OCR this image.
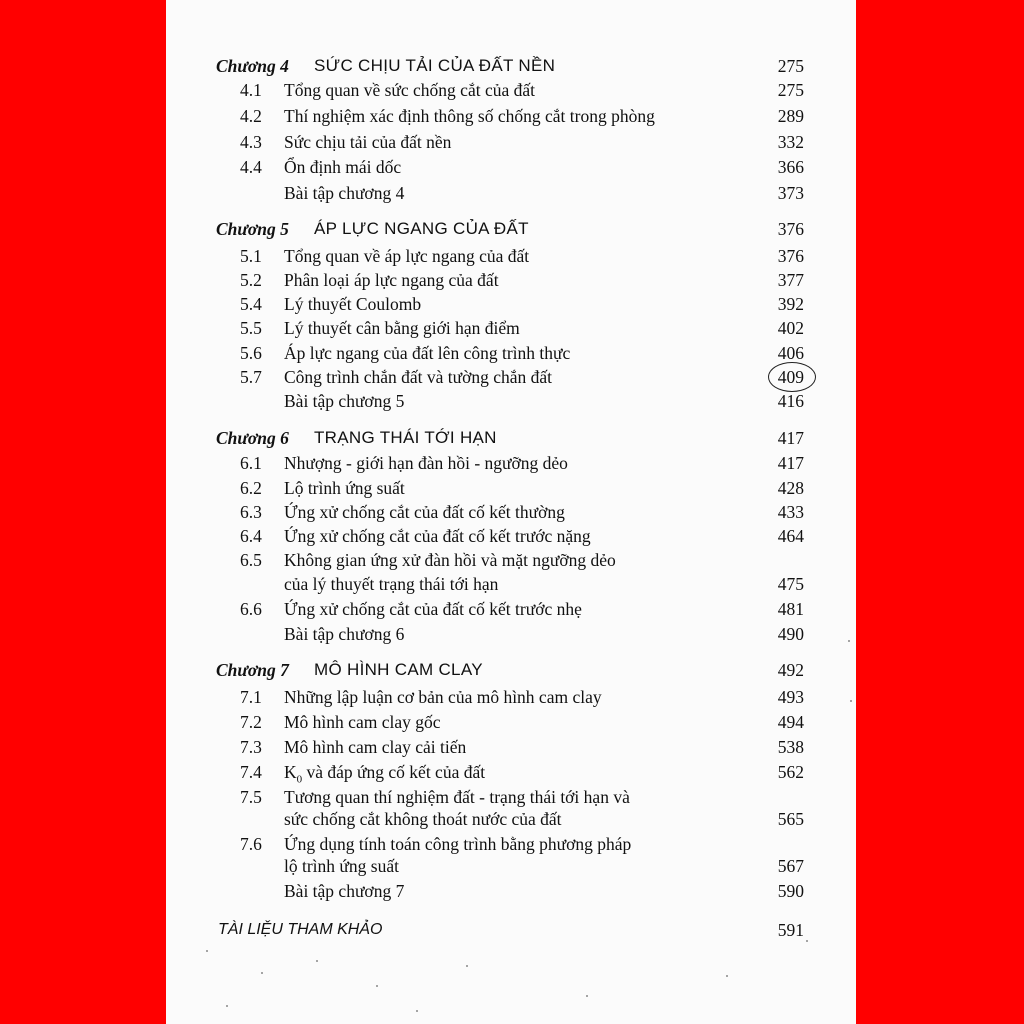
Chương 4 SỨC CHỊU TẢI CỦA ĐẤT NỀN	275
4.1 Tổng quan về sức chống cắt của đất	275
4.2 Thí nghiệm xác định thông số chống cắt trong phòng	289
4.3 Sức chịu tải của đất nền	332
4.4 Ổn định mái dốc	366
Bài tập chương 4	373
Chương 5 ÁP LỰC NGANG CỦA ĐẤT	376
5.1 Tổng quan về áp lực ngang của đất	376
5.2 Phân loại áp lực ngang của đất	377
5.4 Lý thuyết Coulomb	392
5.5 Lý thuyết cân bằng giới hạn điểm	402
5.6 Áp lực ngang của đất lên công trình thực	406
5.7 Công trình chắn đất và tường chắn đất	409
Bài tập chương 5	416
Chương 6 TRẠNG THÁI TỚI HẠN	417
6.1 Nhượng - giới hạn đàn hồi - ngưỡng dẻo	417
6.2 Lộ trình ứng suất	428
6.3 Ứng xử chống cắt của đất cố kết thường	433
6.4 Ứng xử chống cắt của đất cố kết trước nặng	464
6.5 Không gian ứng xử đàn hồi và mặt ngưỡng dẻo
của lý thuyết trạng thái tới hạn	475
6.6 Ứng xử chống cắt của đất cố kết trước nhẹ	481
Bài tập chương 6	490
Chương 7 MÔ HÌNH CAM CLAY	492
7.1 Những lập luận cơ bản của mô hình cam clay	493
7.2 Mô hình cam clay gốc	494
7.3 Mô hình cam clay cải tiến	538
7.4 $K_0$ và đáp ứng cố kết của đất	562
7.5 Tương quan thí nghiệm đất - trạng thái tới hạn và
sức chống cắt không thoát nước của đất	565
7.6 Ứng dụng tính toán công trình bằng phương pháp
lộ trình ứng suất	567
Bài tập chương 7	590
TÀI LIỆU THAM KHẢO	591
